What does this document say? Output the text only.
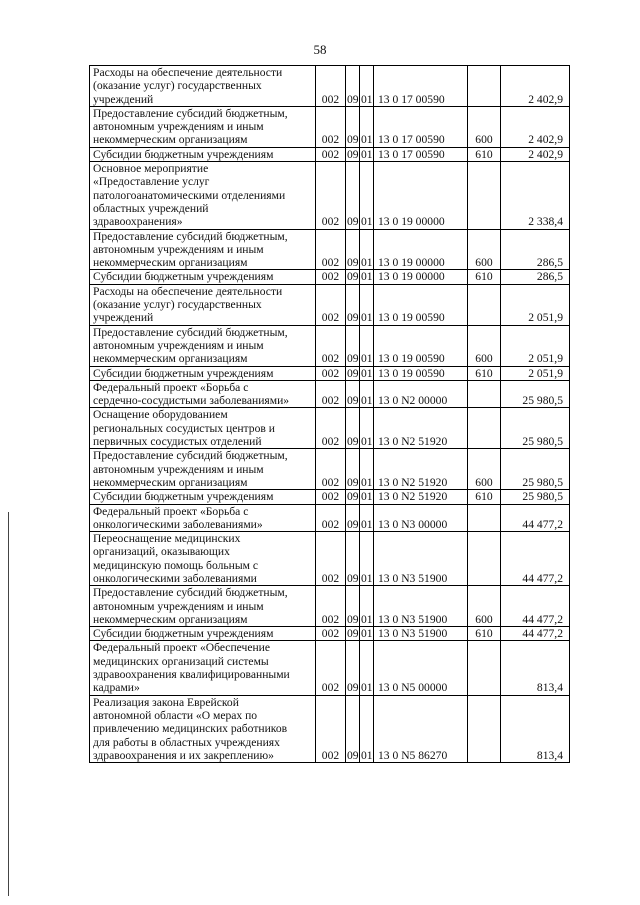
58
Расходы на обеспечение деятельности
(оказание услуг) государственных
учреждений	002	09	01	13 0 17 00590		2 402,9

Предоставление субсидий бюджетным,
автономным учреждениям и иным
некоммерческим организациям	002	09	01	13 0 17 00590	600	2 402,9

Субсидии бюджетным учреждениям	002	09	01	13 0 17 00590	610	2 402,9

Основное мероприятие
«Предоставление услуг
патологоанатомическими отделениями
областных учреждений
здравоохранения»	002	09	01	13 0 19 00000		2 338,4

Предоставление субсидий бюджетным,
автономным учреждениям и иным
некоммерческим организациям	002	09	01	13 0 19 00000	600	286,5

Субсидии бюджетным учреждениям	002	09	01	13 0 19 00000	610	286,5

Расходы на обеспечение деятельности
(оказание услуг) государственных
учреждений	002	09	01	13 0 19 00590		2 051,9

Предоставление субсидий бюджетным,
автономным учреждениям и иным
некоммерческим организациям	002	09	01	13 0 19 00590	600	2 051,9

Субсидии бюджетным учреждениям	002	09	01	13 0 19 00590	610	2 051,9

Федеральный проект «Борьба с
сердечно-сосудистыми заболеваниями»	002	09	01	13 0 N2 00000		25 980,5

Оснащение оборудованием
региональных сосудистых центров и
первичных сосудистых отделений	002	09	01	13 0 N2 51920		25 980,5

Предоставление субсидий бюджетным,
автономным учреждениям и иным
некоммерческим организациям	002	09	01	13 0 N2 51920	600	25 980,5

Субсидии бюджетным учреждениям	002	09	01	13 0 N2 51920	610	25 980,5

Федеральный проект «Борьба с
онкологическими заболеваниями»	002	09	01	13 0 N3 00000		44 477,2

Переоснащение медицинских
организаций, оказывающих
медицинскую помощь больным с
онкологическими заболеваниями	002	09	01	13 0 N3 51900		44 477,2

Предоставление субсидий бюджетным,
автономным учреждениям и иным
некоммерческим организациям	002	09	01	13 0 N3 51900	600	44 477,2

Субсидии бюджетным учреждениям	002	09	01	13 0 N3 51900	610	44 477,2

Федеральный проект «Обеспечение
медицинских организаций системы
здравоохранения квалифицированными
кадрами»	002	09	01	13 0 N5 00000		813,4

Реализация закона Еврейской
автономной области «О мерах по
привлечению медицинских работников
для работы в областных учреждениях
здравоохранения и их закреплению»	002	09	01	13 0 N5 86270		813,4
